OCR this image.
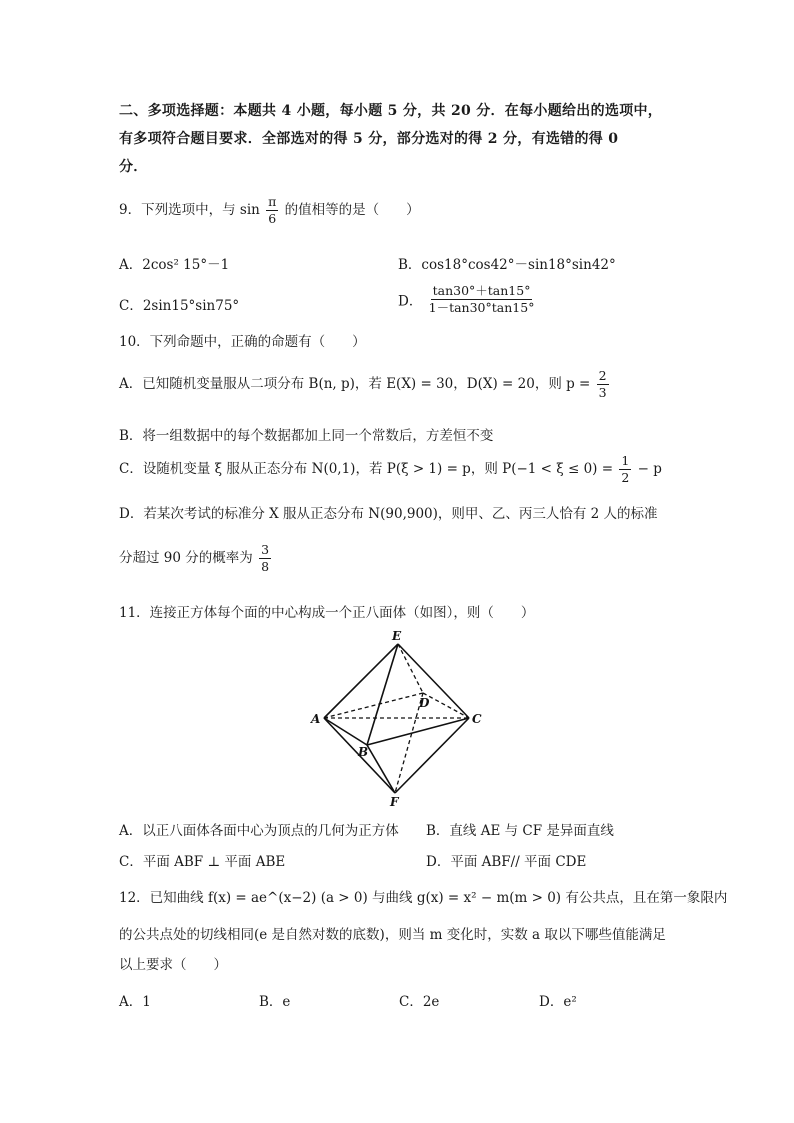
二、多项选择题：本题共 4 小题，每小题 5 分，共 20 分．在每小题给出的选项中，
有多项符合题目要求．全部选对的得 5 分，部分选对的得 2 分，有选错的得 0
分．
9．下列选项中，与 $\sin \frac{\pi}{6}$ 的值相等的是（　　）
A．2cos² 15°－1	B．cos18°cos42°－sin18°sin42°
C．2sin15°sin75°	D． $\frac{\tan 30^\circ+\tan 15^\circ}{1-\tan 30^\circ\tan 15^\circ}$
10．下列命题中，正确的命题有（　　）
A．已知随机变量服从二项分布 B(n, p)，若 E(X) = 30，D(X) = 20，则 $p = \frac{2}{3}$
B．将一组数据中的每个数据都加上同一个常数后，方差恒不变
C．设随机变量 ξ 服从正态分布 N(0,1)，若 P(ξ > 1) = p，则 $P(-1 < \xi \le 0) = \frac{1}{2} - p$
D．若某次考试的标准分 X 服从正态分布 N(90,900)，则甲、乙、丙三人恰有 2 人的标准
分超过 90 分的概率为 $\frac{3}{8}$
11．连接正方体每个面的中心构成一个正八面体（如图），则（　　）
E
D
A	C
B
F
A．以正八面体各面中心为顶点的几何为正方体 B．直线 AE 与 CF 是异面直线
C．平面 ABF ⊥ 平面 ABE	D．平面 ABF// 平面 CDE
12．已知曲线 f(x) = ae^(x−2) (a > 0) 与曲线 g(x) = x² − m(m > 0) 有公共点，且在第一象限内
的公共点处的切线相同(e 是自然对数的底数)，则当 m 变化时，实数 a 取以下哪些值能满足
以上要求（　　）
A．1	B．e	C．2e	D．e²
